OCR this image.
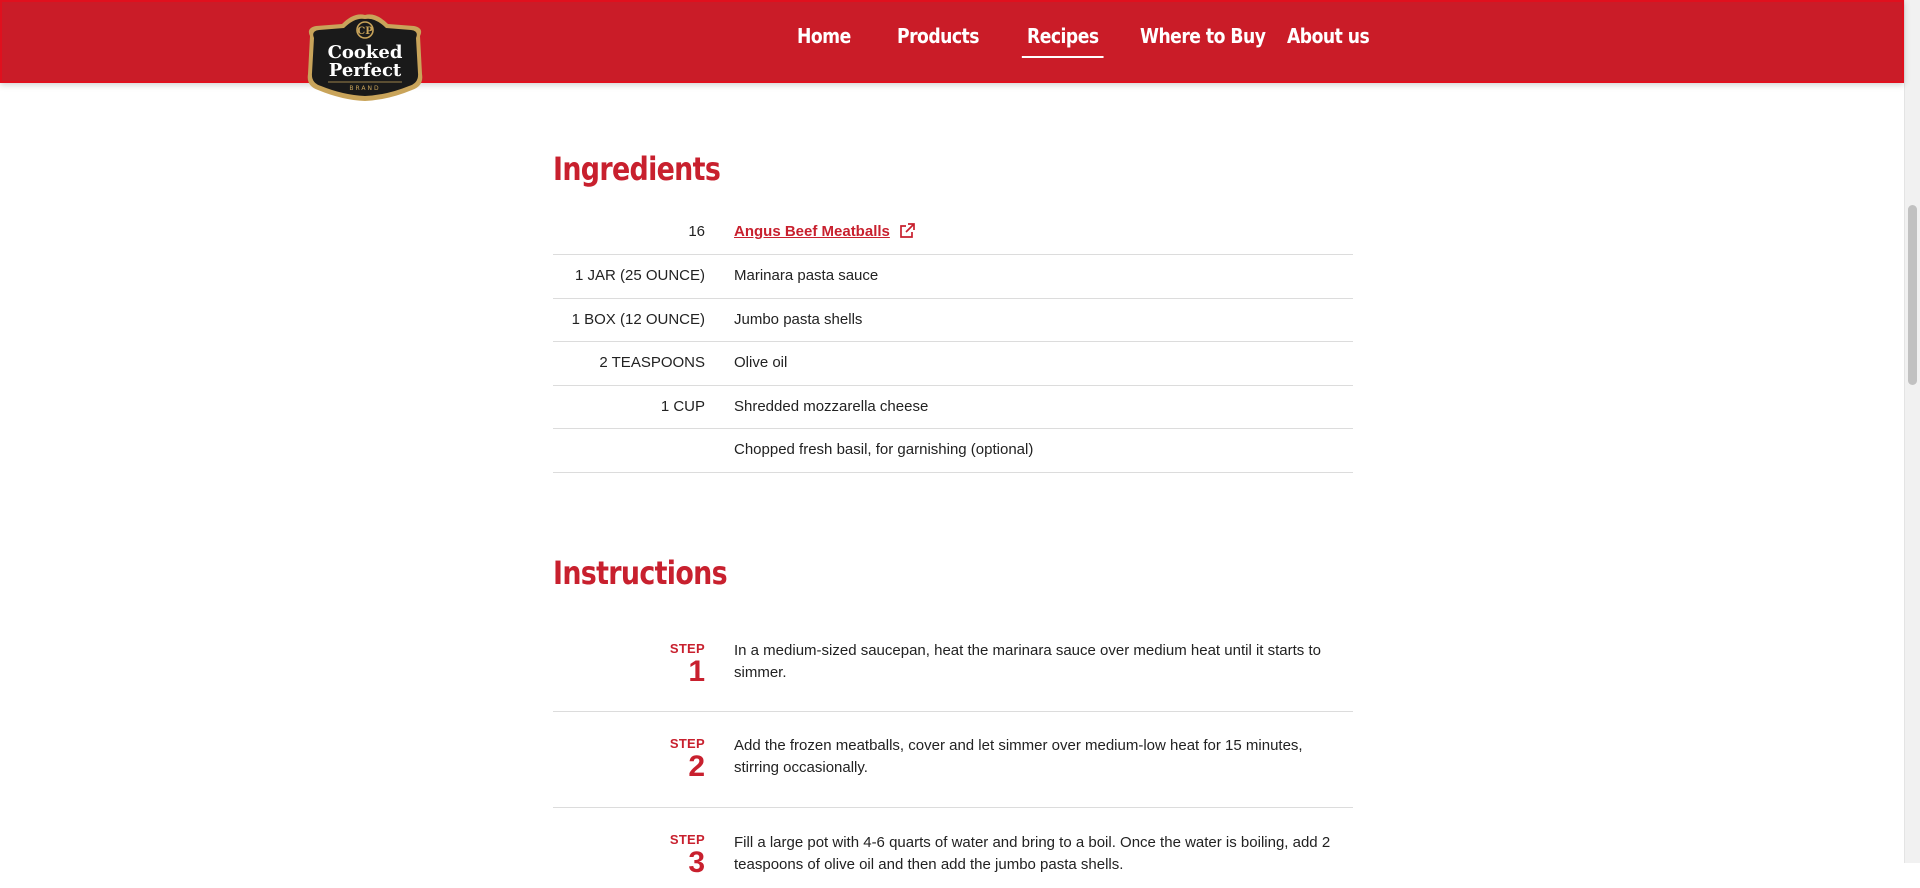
Home Products Recipes Where to Buy About us
CP
Cooked
Perfect
BRAND
Ingredients
16 Angus Beef Meatballs
1 JAR (25 OUNCE) Marinara pasta sauce
1 BOX (12 OUNCE) Jumbo pasta shells
2 TEASPOONS Olive oil
1 CUP Shredded mozzarella cheese
Chopped fresh basil, for garnishing (optional)
Instructions
STEP
1
In a medium-sized saucepan, heat the marinara sauce over medium heat until it starts to simmer.
STEP
2
Add the frozen meatballs, cover and let simmer over medium-low heat for 15 minutes, stirring occasionally.
STEP
3
Fill a large pot with 4-6 quarts of water and bring to a boil. Once the water is boiling, add 2 teaspoons of olive oil and then add the jumbo pasta shells.
